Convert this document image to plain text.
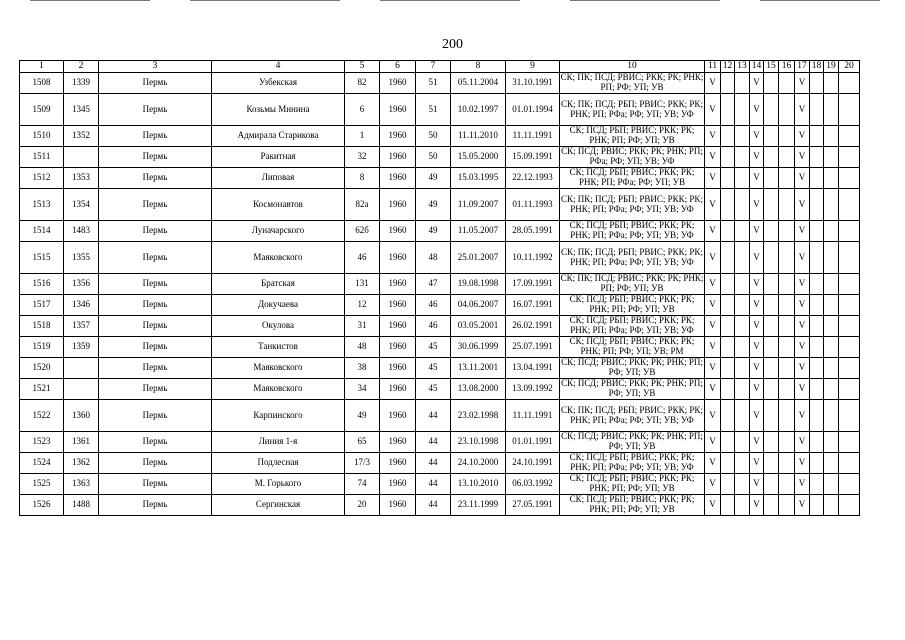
200
1	2	3	4	5	6	7	8	9	10	11	12	13	14	15	16	17	18	19	20
1508	1339	Пермь	Узбекская	82	1960	51	05.11.2004	31.10.1991	СК; ПК; ПСД; РВИС; РКК; РК; РНК; РП; РФ; УП; УВ	V			V			V			
1509	1345	Пермь	Козьмы Минина	6	1960	51	10.02.1997	01.01.1994	СК; ПК; ПСД; РБП; РВИС; РКК; РК; РНК; РП; РФа; РФ; УП; УВ; УФ	V			V			V			
1510	1352	Пермь	Адмирала Старикова	1	1960	50	11.11.2010	11.11.1991	СК; ПСД; РБП; РВИС; РКК; РК; РНК; РП; РФ; УП; УВ	V			V			V			
1511		Пермь	Ракитная	32	1960	50	15.05.2000	15.09.1991	СК; ПСД; РВИС; РКК; РК; РНК; РП; РФа; РФ; УП; УВ; УФ	V			V			V			
1512	1353	Пермь	Липовая	8	1960	49	15.03.1995	22.12.1993	СК; ПСД; РБП; РВИС; РКК; РК; РНК; РП; РФа; РФ; УП; УВ	V			V			V			
1513	1354	Пермь	Космонавтов	82а	1960	49	11.09.2007	01.11.1993	СК; ПК; ПСД; РБП; РВИС; РКК; РК; РНК; РП; РФа; РФ; УП; УВ; УФ	V			V			V			
1514	1483	Пермь	Луначарского	62б	1960	49	11.05.2007	28.05.1991	СК; ПСД; РБП; РВИС; РКК; РК; РНК; РП; РФа; РФ; УП; УВ; УФ	V			V			V			
1515	1355	Пермь	Маяковского	46	1960	48	25.01.2007	10.11.1992	СК; ПК; ПСД; РБП; РВИС; РКК; РК; РНК; РП; РФа; РФ; УП; УВ; УФ	V			V			V			
1516	1356	Пермь	Братская	131	1960	47	19.08.1998	17.09.1991	СК; ПК; ПСД; РВИС; РКК; РК; РНК; РП; РФ; УП; УВ	V			V			V			
1517	1346	Пермь	Докучаева	12	1960	46	04.06.2007	16.07.1991	СК; ПСД; РБП; РВИС; РКК; РК; РНК; РП; РФ; УП; УВ	V			V			V			
1518	1357	Пермь	Окулова	31	1960	46	03.05.2001	26.02.1991	СК; ПСД; РБП; РВИС; РКК; РК; РНК; РП; РФа; РФ; УП; УВ; УФ	V			V			V			
1519	1359	Пермь	Танкистов	48	1960	45	30.06.1999	25.07.1991	СК; ПСД; РБП; РВИС; РКК; РК; РНК; РП; РФ; УП; УВ; РМ	V			V			V			
1520		Пермь	Маяковского	38	1960	45	13.11.2001	13.04.1991	СК; ПСД; РВИС; РКК; РК; РНК; РП; РФ; УП; УВ	V			V			V			
1521		Пермь	Маяковского	34	1960	45	13.08.2000	13.09.1992	СК; ПСД; РВИС; РКК; РК; РНК; РП; РФ; УП; УВ	V			V			V			
1522	1360	Пермь	Карпинского	49	1960	44	23.02.1998	11.11.1991	СК; ПК; ПСД; РБП; РВИС; РКК; РК; РНК; РП; РФа; РФ; УП; УВ; УФ	V			V			V			
1523	1361	Пермь	Линия 1-я	65	1960	44	23.10.1998	01.01.1991	СК; ПСД; РВИС; РКК; РК; РНК; РП; РФ; УП; УВ	V			V			V			
1524	1362	Пермь	Подлесная	17/3	1960	44	24.10.2000	24.10.1991	СК; ПСД; РБП; РВИС; РКК; РК; РНК; РП; РФа; РФ; УП; УВ; УФ	V			V			V			
1525	1363	Пермь	М. Горького	74	1960	44	13.10.2010	06.03.1992	СК; ПСД; РБП; РВИС; РКК; РК; РНК; РП; РФ; УП; УВ	V			V			V			
1526	1488	Пермь	Сергинская	20	1960	44	23.11.1999	27.05.1991	СК; ПСД; РБП; РВИС; РКК; РК; РНК; РП; РФ; УП; УВ	V			V			V			
